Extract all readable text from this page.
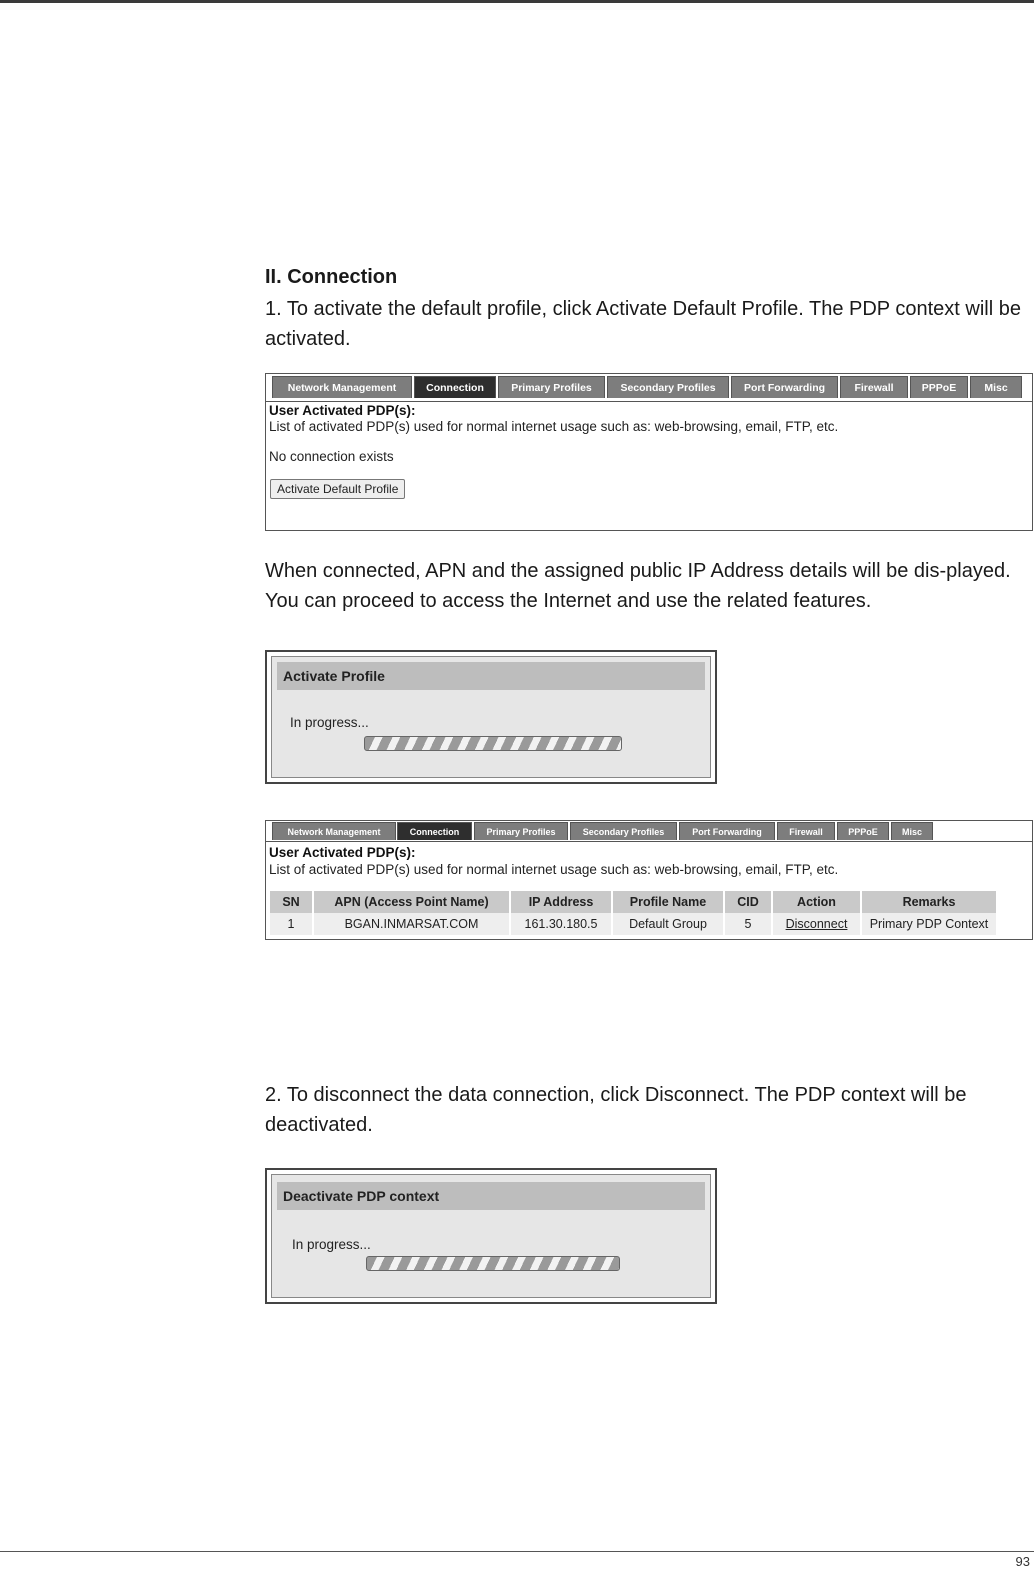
II. Connection
1. To activate the default profile, click Activate Default Profile. The PDP context will be activated.
Network Management	Connection	Primary Profiles	Secondary Profiles	Port Forwarding	Firewall	PPPoE	Misc
User Activated PDP(s):
List of activated PDP(s) used for normal internet usage such as: web-browsing, email, FTP, etc.
No connection exists
Activate Default Profile
When connected, APN and the assigned public IP Address details will be dis-played. You can proceed to access the Internet and use the related features.
Activate Profile
In progress...
Network Management	Connection	Primary Profiles	Secondary Profiles	Port Forwarding	Firewall	PPPoE	Misc
User Activated PDP(s):
List of activated PDP(s) used for normal internet usage such as: web-browsing, email, FTP, etc.
SN	APN (Access Point Name)	IP Address	Profile Name	CID	Action	Remarks
1	BGAN.INMARSAT.COM	161.30.180.5	Default Group	5	Disconnect	Primary PDP Context
2. To disconnect the data connection, click Disconnect. The PDP context will be deactivated.
Deactivate PDP context
In progress...
93
